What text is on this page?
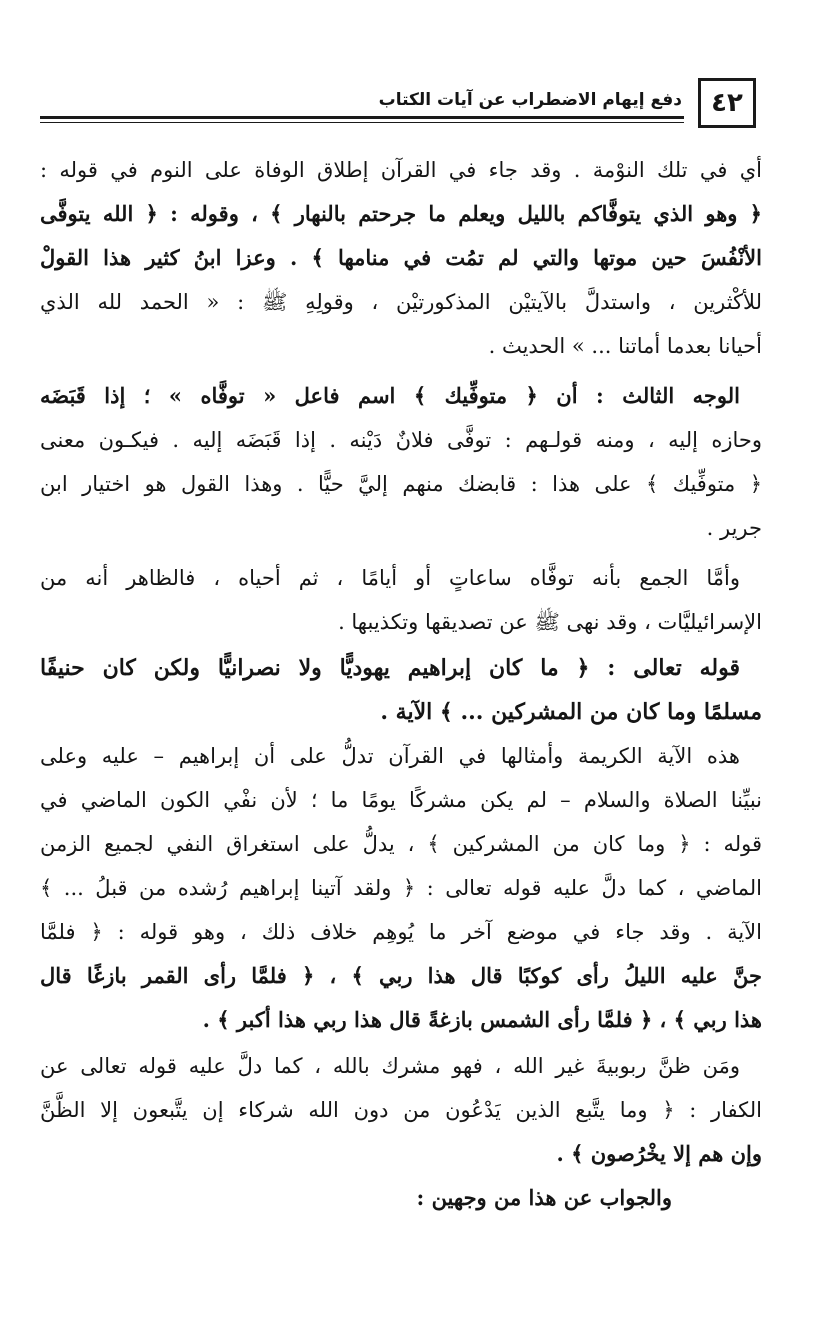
٤٢
دفع إيهام الاضطراب عن آيات الكتاب
أي في تلك النوْمة . وقد جاء في القرآن إطلاق الوفاة على النوم في قوله :
﴿ وهو الذي يتوفَّاكم بالليل ويعلم ما جرحتم بالنهار ﴾ ، وقوله : ﴿ الله يتوفَّى
الأنْفُسَ حين موتها والتي لم تمُت في منامها ﴾ . وعزا ابنُ كثير هذا القولْ
للأكْثرين ، واستدلَّ بالآيتيْن المذكورتيْن ، وقولِهِ ﷺ : « الحمد لله الذي
أحيانا بعدما أماتنا ... » الحديث .
الوجه الثالث : أن ﴿ متوفِّيك ﴾ اسم فاعل « توفَّاه » ؛ إذا قَبَضَه
وحازه إليه ، ومنه قولـهم : توفَّى فلانٌ دَيْنه . إذا قَبَضَه إليه . فيكـون معنى
﴿ متوفِّيك ﴾ على هذا : قابضك منهم إليَّ حيًّا . وهذا القول هو اختيار ابن
جرير .
وأمَّا الجمع بأنه توفَّاه ساعاتٍ أو أيامًا ، ثم أحياه ، فالظاهر أنه من
الإسرائيليَّات ، وقد نهى ﷺ عن تصديقها وتكذيبها .
قوله تعالى : ﴿ ما كان إبراهيم يهوديًّا ولا نصرانيًّا ولكن كان حنيفًا
مسلمًا وما كان من المشركين ... ﴾ الآية .
هذه الآية الكريمة وأمثالها في القرآن تدلُّ على أن إبراهيم – عليه وعلى
نبيِّنا الصلاة والسلام – لم يكن مشركًا يومًا ما ؛ لأن نفْي الكون الماضي في
قوله : ﴿ وما كان من المشركين ﴾ ، يدلُّ على استغراق النفي لجميع الزمن
الماضي ، كما دلَّ عليه قوله تعالى : ﴿ ولقد آتينا إبراهيم رُشده من قبلُ ... ﴾
الآية . وقد جاء في موضع آخر ما يُوهِم خلاف ذلك ، وهو قوله : ﴿ فلمَّا
جنَّ عليه الليلُ رأى كوكبًا قال هذا ربي ﴾ ، ﴿ فلمَّا رأى القمر بازغًا قال
هذا ربي ﴾ ، ﴿ فلمَّا رأى الشمس بازغةً قال هذا ربي هذا أكبر ﴾ .
ومَن ظنَّ ربوبيةَ غير الله ، فهو مشرك بالله ، كما دلَّ عليه قوله تعالى عن
الكفار : ﴿ وما يتَّبع الذين يَدْعُون من دون الله شركاء إن يتَّبعون إلا الظَّنَّ
وإن هم إلا يخْرُصون ﴾ .
والجواب عن هذا من وجهين :
